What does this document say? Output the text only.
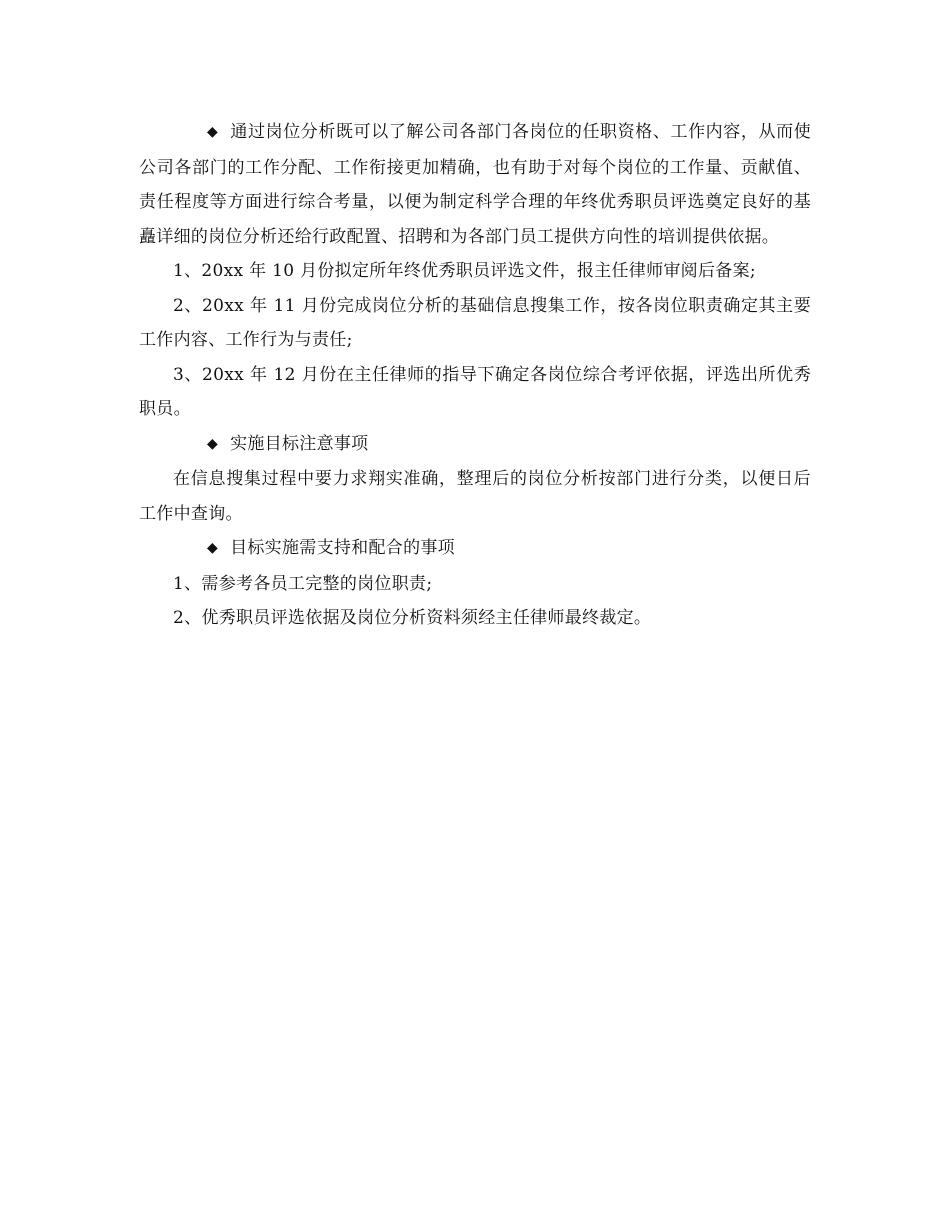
◆ 通过岗位分析既可以了解公司各部门各岗位的任职资格、工作内容，从而使公司各部门的工作分配、工作衔接更加精确，也有助于对每个岗位的工作量、贡献值、责任程度等方面进行综合考量，以便为制定科学合理的年终优秀职员评选奠定良好的基矗详细的岗位分析还给行政配置、招聘和为各部门员工提供方向性的培训提供依据。

1、20xx 年 10 月份拟定所年终优秀职员评选文件，报主任律师审阅后备案;

2、20xx 年 11 月份完成岗位分析的基础信息搜集工作，按各岗位职责确定其主要工作内容、工作行为与责任;

3、20xx 年 12 月份在主任律师的指导下确定各岗位综合考评依据，评选出所优秀职员。

◆ 实施目标注意事项

在信息搜集过程中要力求翔实准确，整理后的岗位分析按部门进行分类，以便日后工作中查询。

◆ 目标实施需支持和配合的事项

1、需参考各员工完整的岗位职责;

2、优秀职员评选依据及岗位分析资料须经主任律师最终裁定。
